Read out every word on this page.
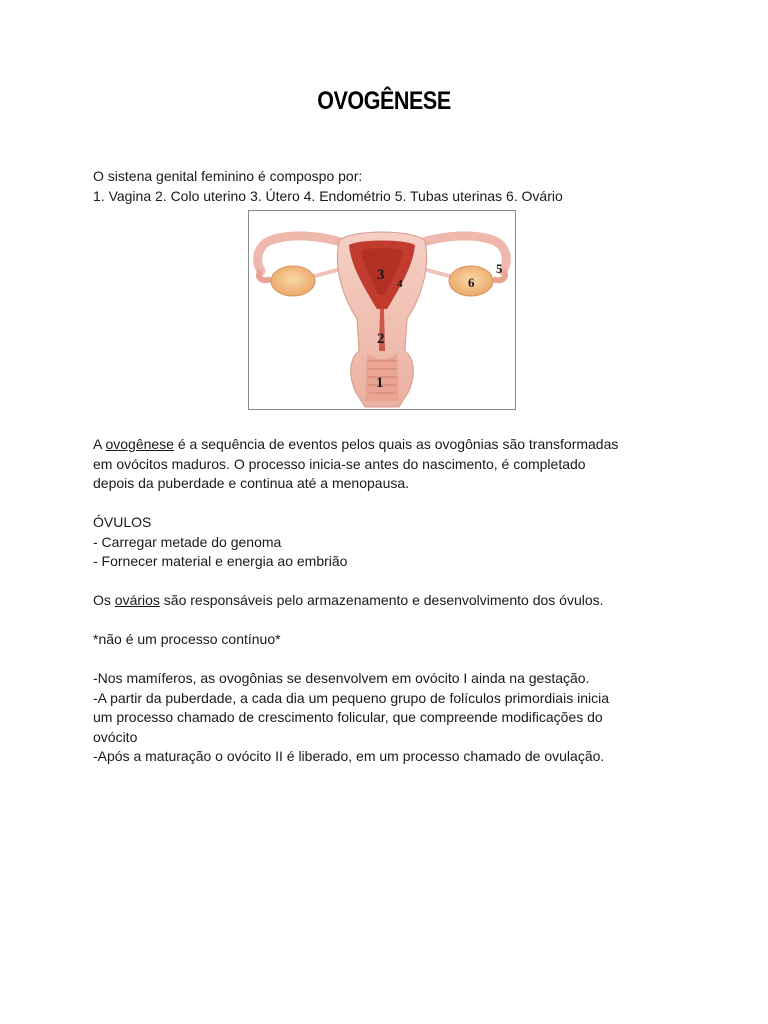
OVOGÊNESE
O sistena genital feminino é compospo por:
1. Vagina 2. Colo uterino 3. Útero 4. Endométrio 5. Tubas uterinas 6. Ovário
3
4
2
1
5
6
A ovogênese é a sequência de eventos pelos quais as ovogônias são transformadas
em ovócitos maduros. O processo inicia-se antes do nascimento, é completado
depois da puberdade e continua até a menopausa.
ÓVULOS
- Carregar metade do genoma
- Fornecer material e energia ao embrião
Os ovários são responsáveis pelo armazenamento e desenvolvimento dos óvulos.
*não é um processo contínuo*
-Nos mamíferos, as ovogônias se desenvolvem em ovócito I ainda na gestação.
-A partir da puberdade, a cada dia um pequeno grupo de folículos primordiais inicia
um processo chamado de crescimento folicular, que compreende modificações do
ovócito
-Após a maturação o ovócito II é liberado, em um processo chamado de ovulação.
